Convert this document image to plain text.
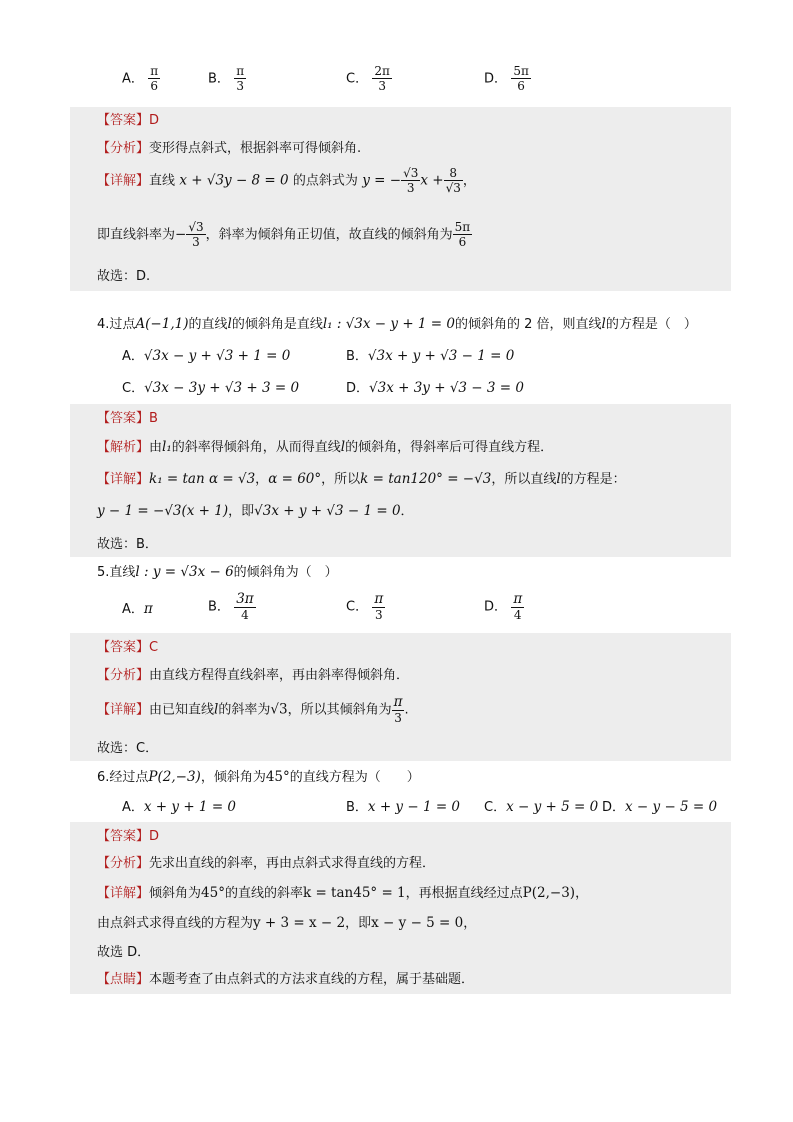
A． $\frac{\pi}{6}$	B． $\frac{\pi}{3}$	C． $\frac{2\pi}{3}$	D． $\frac{5\pi}{6}$
【答案】D
【分析】变形得点斜式，根据斜率可得倾斜角.
【详解】直线 x + √3y − 8 = 0 的点斜式为 y = − $\frac{√3}{3}$ $x + \frac{8}{√3}$ ，
即直线斜率为− $\frac{√3}{3}$ ，斜率为倾斜角正切值，故直线的倾斜角为 $\frac{5\pi}{6}$
故选：D.
4.过点A(−1,1)的直线l的倾斜角是直线l₁ : √3x − y + 1 = 0的倾斜角的 2 倍，则直线l的方程是（　）
A．√3x − y + √3 + 1 = 0	B．√3x + y + √3 − 1 = 0
C．√3x − 3y + √3 + 3 = 0	D．√3x + 3y + √3 − 3 = 0
【答案】B
【解析】由l₁的斜率得倾斜角，从而得直线l的倾斜角，得斜率后可得直线方程．
【详解】k₁ = tan α = √3，α = 60°，所以k = tan120° = −√3，所以直线l的方程是：
y − 1 = −√3(x + 1)，即√3x + y + √3 − 1 = 0．
故选：B．
5.直线l : y = √3x − 6的倾斜角为（　）
A．π	B． $\frac{3\pi}{4}$	C． $\frac{\pi}{3}$	D． $\frac{\pi}{4}$
【答案】C
【分析】由直线方程得直线斜率，再由斜率得倾斜角．
【详解】由已知直线l的斜率为√3，所以其倾斜角为 $\frac{\pi}{3}$ .
故选：C．
6.经过点P(2,−3)，倾斜角为45°的直线方程为（　　）
A．x + y + 1 = 0	B．x + y − 1 = 0 C．x − y + 5 = 0 D．x − y − 5 = 0
【答案】D
【分析】先求出直线的斜率，再由点斜式求得直线的方程．
【详解】倾斜角为45°的直线的斜率k = tan45° = 1，再根据直线经过点P(2,−3)，
由点斜式求得直线的方程为y + 3 = x − 2，即x − y − 5 = 0，
故选 D．
【点睛】本题考查了由点斜式的方法求直线的方程，属于基础题．
